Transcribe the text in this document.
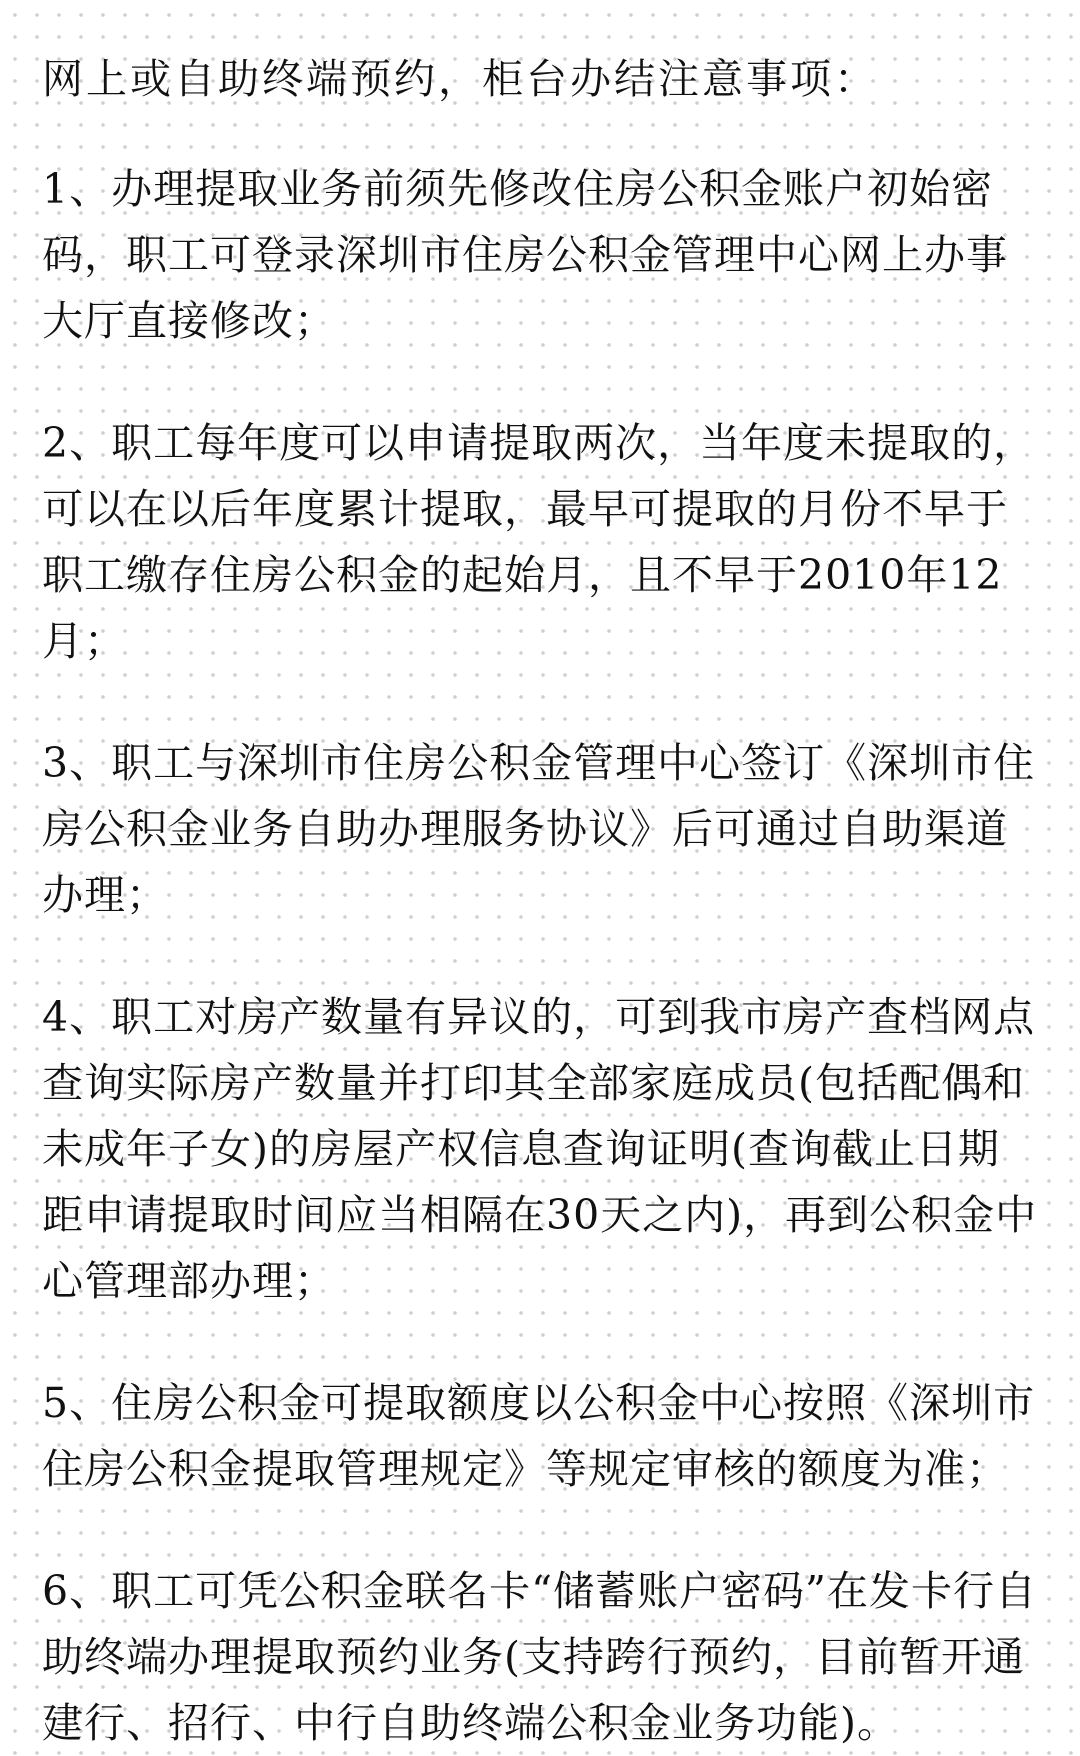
网上或自助终端预约，柜台办结注意事项：

1、办理提取业务前须先修改住房公积金账户初始密码，职工可登录深圳市住房公积金管理中心网上办事大厅直接修改；

2、职工每年度可以申请提取两次，当年度未提取的，可以在以后年度累计提取，最早可提取的月份不早于职工缴存住房公积金的起始月，且不早于2010年12月；

3、职工与深圳市住房公积金管理中心签订《深圳市住房公积金业务自助办理服务协议》后可通过自助渠道办理；

4、职工对房产数量有异议的，可到我市房产查档网点查询实际房产数量并打印其全部家庭成员(包括配偶和未成年子女)的房屋产权信息查询证明(查询截止日期距申请提取时间应当相隔在30天之内)，再到公积金中心管理部办理；

5、住房公积金可提取额度以公积金中心按照《深圳市住房公积金提取管理规定》等规定审核的额度为准；

6、职工可凭公积金联名卡“储蓄账户密码”在发卡行自助终端办理提取预约业务(支持跨行预约，目前暂开通建行、招行、中行自助终端公积金业务功能)。
